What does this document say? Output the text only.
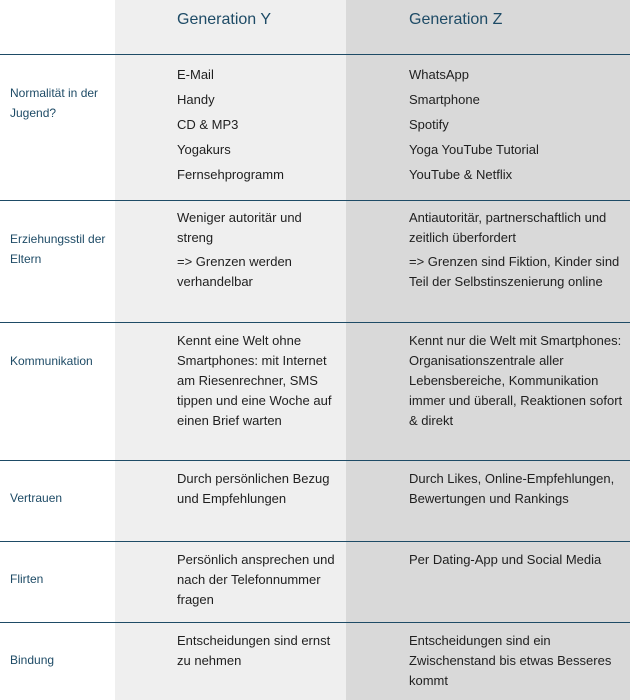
Generation Y	Generation Z
Normalität in der Jugend?

E-Mail

Handy

CD & MP3

Yogakurs

Fernsehprogramm

WhatsApp

Smartphone

Spotify

Yoga YouTube Tutorial

YouTube & Netflix

Erziehungsstil der Eltern

Weniger autoritär und streng

=> Grenzen werden verhandelbar

Antiautoritär, partnerschaftlich und zeitlich überfordert

=> Grenzen sind Fiktion, Kinder sind Teil der Selbstinszenierung online

Kommunikation

Kennt eine Welt ohne Smartphones: mit Internet am Riesenrechner, SMS tippen und eine Woche auf einen Brief warten

Kennt nur die Welt mit Smartphones: Organisationszentrale aller Lebensbereiche, Kommunikation immer und überall, Reaktionen sofort & direkt

Vertrauen

Durch persönlichen Bezug und Empfehlungen

Durch Likes, Online-Empfehlungen, Bewertungen und Rankings

Flirten

Persönlich ansprechen und nach der Telefonnummer fragen

Per Dating-App und Social Media

Bindung

Entscheidungen sind ernst zu nehmen

Entscheidungen sind ein Zwischenstand bis etwas Besseres kommt
